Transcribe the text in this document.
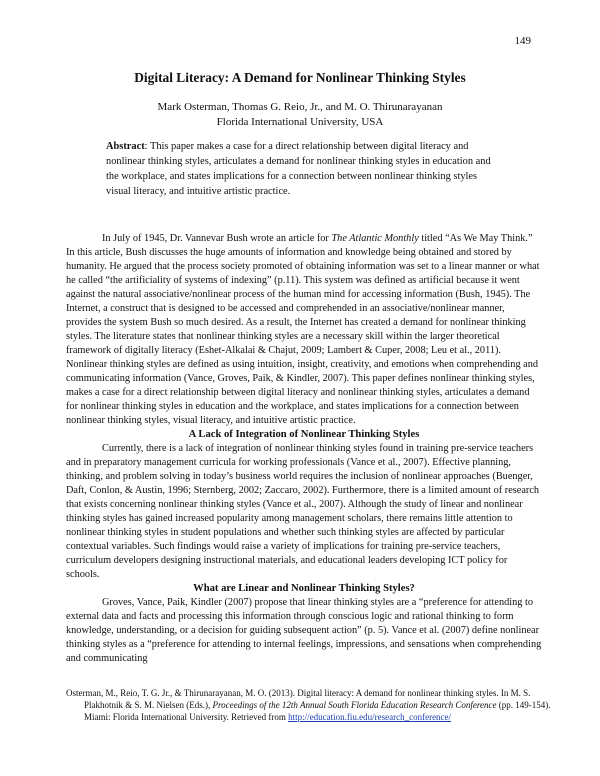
149
Digital Literacy: A Demand for Nonlinear Thinking Styles
Mark Osterman, Thomas G. Reio, Jr., and M. O. Thirunarayanan
Florida International University, USA
Abstract: This paper makes a case for a direct relationship between digital literacy and nonlinear thinking styles, articulates a demand for nonlinear thinking styles in education and the workplace, and states implications for a connection between nonlinear thinking styles visual literacy, and intuitive artistic practice.

In July of 1945, Dr. Vannevar Bush wrote an article for The Atlantic Monthly titled “As We May Think.” In this article, Bush discusses the huge amounts of information and knowledge being obtained and stored by humanity. He argued that the process society promoted of obtaining information was set to a linear manner or what he called “the artificiality of systems of indexing” (p.11). This system was defined as artificial because it went against the natural associative/nonlinear process of the human mind for accessing information (Bush, 1945). The Internet, a construct that is designed to be accessed and comprehended in an associative/nonlinear manner, provides the system Bush so much desired. As a result, the Internet has created a demand for nonlinear thinking styles. The literature states that nonlinear thinking styles are a necessary skill within the larger theoretical framework of digitally literacy (Eshet-Alkalai & Chajut, 2009; Lambert & Cuper, 2008; Leu et al., 2011). Nonlinear thinking styles are defined as using intuition, insight, creativity, and emotions when comprehending and communicating information (Vance, Groves, Paik, & Kindler, 2007). This paper defines nonlinear thinking styles, makes a case for a direct relationship between digital literacy and nonlinear thinking styles, articulates a demand for nonlinear thinking styles in education and the workplace, and states implications for a connection between nonlinear thinking styles, visual literacy, and intuitive artistic practice.

A Lack of Integration of Nonlinear Thinking Styles

Currently, there is a lack of integration of nonlinear thinking styles found in training pre-service teachers and in preparatory management curricula for working professionals (Vance et al., 2007). Effective planning, thinking, and problem solving in today’s business world requires the inclusion of nonlinear approaches (Buenger, Daft, Conlon, & Austin, 1996; Sternberg, 2002; Zaccaro, 2002). Furthermore, there is a limited amount of research that exists concerning nonlinear thinking styles (Vance et al., 2007). Although the study of linear and nonlinear thinking styles has gained increased popularity among management scholars, there remains little attention to nonlinear thinking styles in student populations and whether such thinking styles are affected by particular contextual variables. Such findings would raise a variety of implications for training pre-service teachers, curriculum developers designing instructional materials, and educational leaders developing ICT policy for schools.

What are Linear and Nonlinear Thinking Styles?

Groves, Vance, Paik, Kindler (2007) propose that linear thinking styles are a “preference for attending to external data and facts and processing this information through conscious logic and rational thinking to form knowledge, understanding, or a decision for guiding subsequent action” (p. 5). Vance et al. (2007) define nonlinear thinking styles as a “preference for attending to internal feelings, impressions, and sensations when comprehending and communicating

Osterman, M., Reio, T. G. Jr., & Thirunarayanan, M. O. (2013). Digital literacy: A demand for nonlinear thinking styles. In M. S. Plakhotnik & S. M. Nielsen (Eds.), Proceedings of the 12th Annual South Florida Education Research Conference (pp. 149-154). Miami: Florida International University. Retrieved from http://education.fiu.edu/research_conference/
